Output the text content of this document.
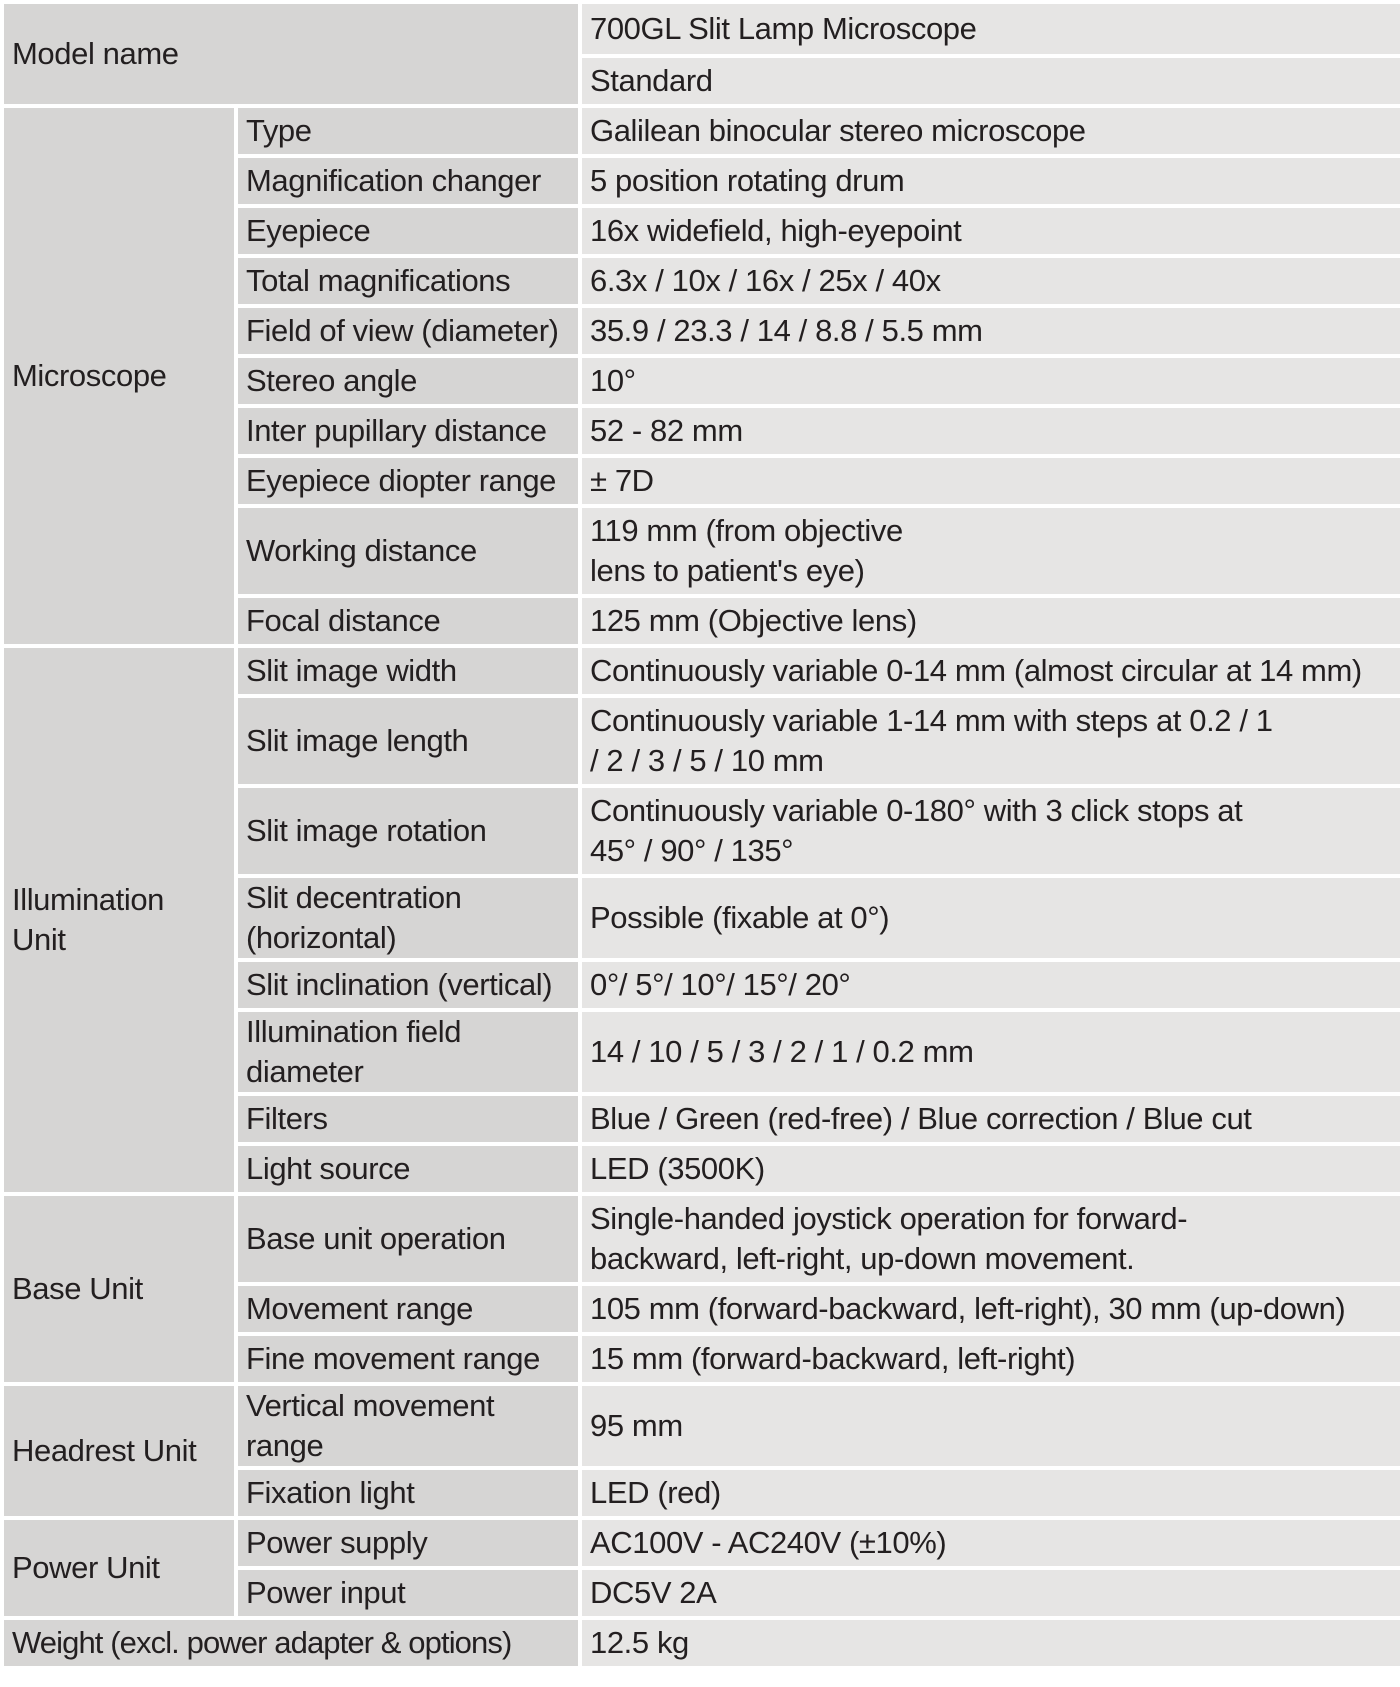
Model name		700GL Slit Lamp Microscope
		Standard
Microscope	Type	Galilean binocular stereo microscope
	Magnification changer	5 position rotating drum
	Eyepiece	16x widefield, high-eyepoint
	Total magnifications	6.3x / 10x / 16x / 25x / 40x
	Field of view (diameter)	35.9 / 23.3 / 14 / 8.8 / 5.5 mm
	Stereo angle	10°
	Inter pupillary distance	52 - 82 mm
	Eyepiece diopter range	± 7D
	Working distance	119 mm (from objective
lens to patient's eye)

	Focal distance	125 mm (Objective lens)

Illumination
Unit	Slit image width	Continuously variable 0-14 mm (almost circular at 14 mm)
	Slit image length	Continuously variable 1-14 mm with steps at 0.2 / 1
/ 2 / 3 / 5 / 10 mm

	Slit image rotation	Continuously variable 0-180° with 3 click stops at
45° / 90° / 135°

	Slit decentration (horizontal)	Possible (fixable at 0°)
	Slit inclination (vertical)	0°/ 5°/ 10°/ 15°/ 20°
	Illumination field diameter	14 / 10 / 5 / 3 / 2 / 1 / 0.2 mm
	Filters	Blue / Green (red-free) / Blue correction / Blue cut
	Light source	LED (3500K)
Base Unit	Base unit operation	Single-handed joystick operation for forward-
backward, left-right, up-down movement.

	Movement range	105 mm (forward-backward, left-right), 30 mm (up-down)
	Fine movement range	15 mm (forward-backward, left-right)
Headrest Unit	Vertical movement range	95 mm
	Fixation light	LED (red)
Power Unit	Power supply	AC100V - AC240V (±10%)
	Power input	DC5V 2A
Weight (excl. power adapter & options)		12.5 kg
